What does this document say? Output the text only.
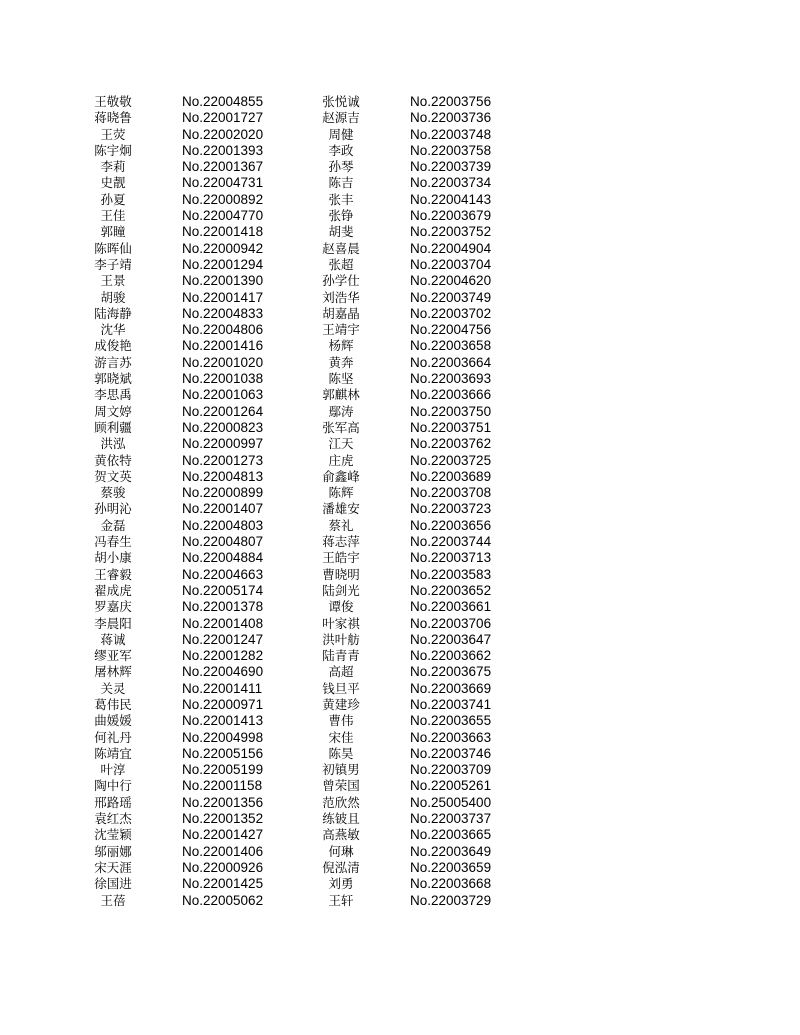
王敬敬	No.22004855	张悦诚	No.22003756
蒋晓鲁	No.22001727	赵源吉	No.22003736
王荧	No.22002020	周健	No.22003748
陈宇炯	No.22001393	李政	No.22003758
李莉	No.22001367	孙琴	No.22003739
史靓	No.22004731	陈吉	No.22003734
孙夏	No.22000892	张丰	No.22004143
王佳	No.22004770	张铮	No.22003679
郭瞳	No.22001418	胡斐	No.22003752
陈晖仙	No.22000942	赵喜晨	No.22004904
李子靖	No.22001294	张超	No.22003704
王景	No.22001390	孙学仕	No.22004620
胡骏	No.22001417	刘浩华	No.22003749
陆海静	No.22004833	胡嘉晶	No.22003702
沈华	No.22004806	王靖宇	No.22004756
成俊艳	No.22001416	杨辉	No.22003658
游言苏	No.22001020	黄奔	No.22003664
郭晓斌	No.22001038	陈坚	No.22003693
李思禹	No.22001063	郭麒林	No.22003666
周文婷	No.22001264	鄢涛	No.22003750
顾利疆	No.22000823	张军高	No.22003751
洪泓	No.22000997	江天	No.22003762
黄依特	No.22001273	庄虎	No.22003725
贺文英	No.22004813	俞鑫峰	No.22003689
蔡骏	No.22000899	陈辉	No.22003708
孙明沁	No.22001407	潘雄安	No.22003723
金磊	No.22004803	蔡礼	No.22003656
冯春生	No.22004807	蒋志萍	No.22003744
胡小康	No.22004884	王皓宇	No.22003713
王睿毅	No.22004663	曹晓明	No.22003583
翟成虎	No.22005174	陆剑光	No.22003652
罗嘉庆	No.22001378	谭俊	No.22003661
李晨阳	No.22001408	叶家祺	No.22003706
蒋诚	No.22001247	洪叶舫	No.22003647
缪亚军	No.22001282	陆青青	No.22003662
屠林辉	No.22004690	高超	No.22003675
关灵	No.22001411	钱旦平	No.22003669
葛伟民	No.22000971	黄建珍	No.22003741
曲媛媛	No.22001413	曹伟	No.22003655
何礼丹	No.22004998	宋佳	No.22003663
陈靖宜	No.22005156	陈昊	No.22003746
叶淳	No.22005199	初镇男	No.22003709
陶中行	No.22001158	曾荣国	No.22005261
邢路瑶	No.22001356	范欣然	No.25005400
袁红杰	No.22001352	练铍且	No.22003737
沈莹颖	No.22001427	高燕敏	No.22003665
邬丽娜	No.22001406	何琳	No.22003649
宋天涯	No.22000926	倪泓清	No.22003659
徐国进	No.22001425	刘勇	No.22003668
王蓓	No.22005062	王轩	No.22003729
